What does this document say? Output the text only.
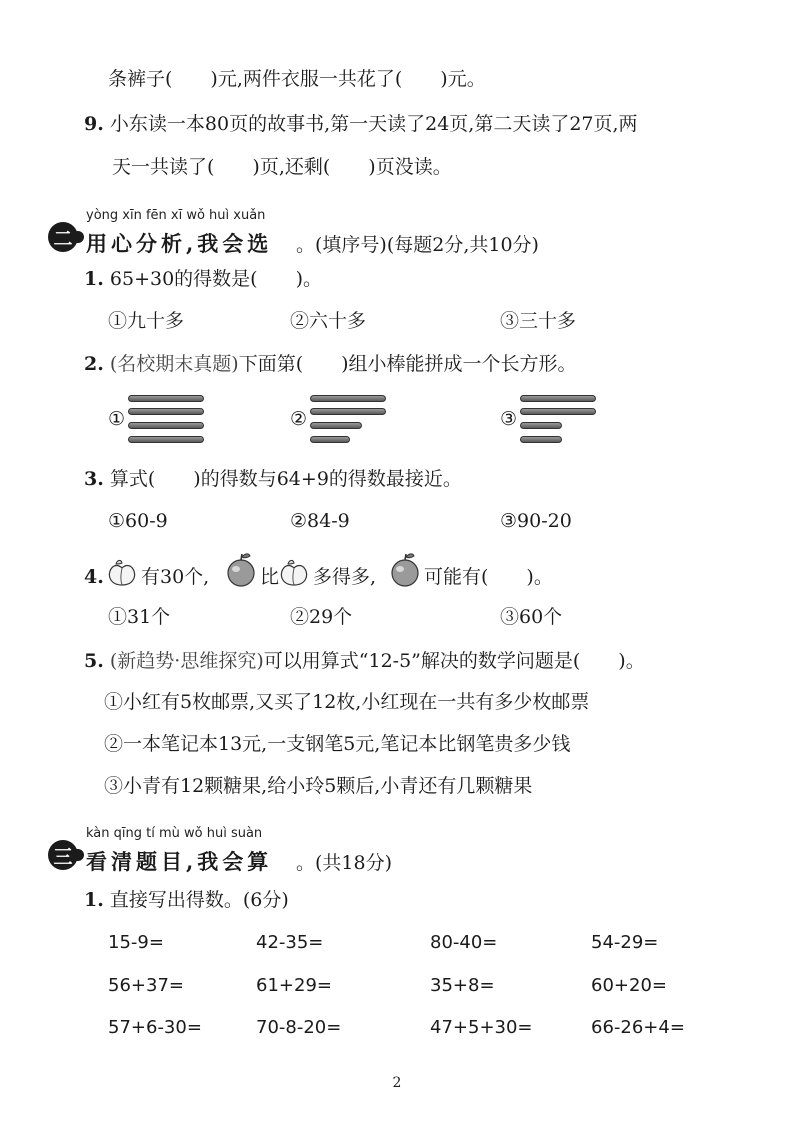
条裤子(　　)元,两件衣服一共花了(　　)元。
9. 小东读一本80页的故事书,第一天读了24页,第二天读了27页,两
天一共读了(　　)页,还剩(　　)页没读。
二
yòng xīn fēn xī wǒ huì xuǎn
用心分析,我会选 。(填序号)(每题2分,共10分)
1. 65+30的得数是(　　)。
①九十多	②六十多	③三十多
2. (名校期末真题)下面第(　　)组小棒能拼成一个长方形。
①	②	③
3. 算式(　　)的得数与64+9的得数最接近。
①60-9	②84-9	③90-20
4. 有30个,	比 多得多,	可能有(　　)。
①31个	②29个	③60个
5. (新趋势·思维探究)可以用算式“12-5”解决的数学问题是(　　)。
①小红有5枚邮票,又买了12枚,小红现在一共有多少枚邮票
②一本笔记本13元,一支钢笔5元,笔记本比钢笔贵多少钱
③小青有12颗糖果,给小玲5颗后,小青还有几颗糖果
三
kàn qīng tí mù wǒ huì suàn
看清题目,我会算 。(共18分)
1. 直接写出得数。(6分)
15-9=	42-35=	80-40=	54-29=
56+37=	61+29=	35+8=	60+20=
57+6-30=	70-8-20=	47+5+30=	66-26+4=
2
